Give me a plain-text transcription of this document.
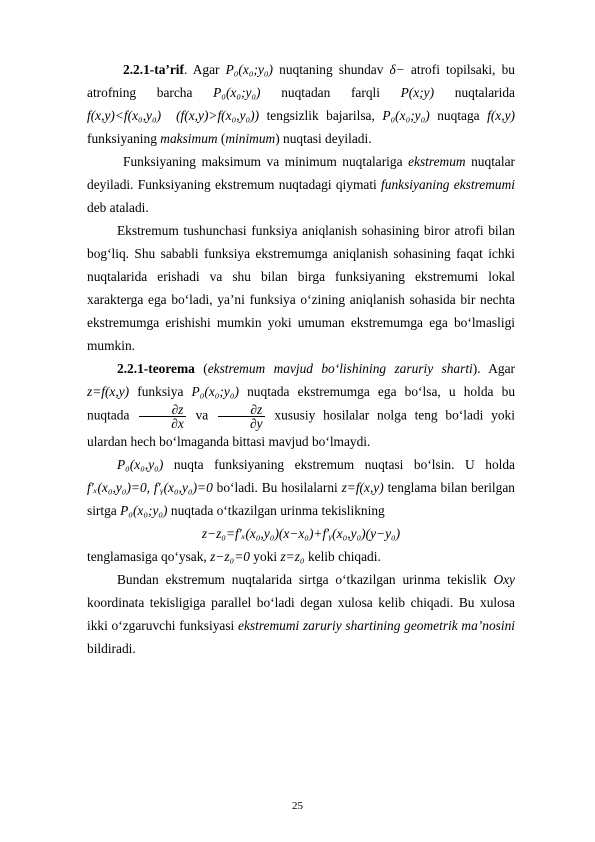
2.2.1-ta’rif. Agar P₀(x₀;y₀) nuqtaning shundav δ− atrofi topilsaki, bu atrofning barcha P₀(x₀;y₀) nuqtadan farqli P(x;y) nuqtalarida f(x,y)<f(x₀,y₀) (f(x,y)>f(x₀,y₀)) tengsizlik bajarilsa, P₀(x₀;y₀) nuqtaga f(x,y) funksiyaning maksimum (minimum) nuqtasi deyiladi.

Funksiyaning maksimum va minimum nuqtalariga ekstremum nuqtalar deyiladi. Funksiyaning ekstremum nuqtadagi qiymati funksiyaning ekstremumi deb ataladi.

Ekstremum tushunchasi funksiya aniqlanish sohasining biror atrofi bilan bog‘liq. Shu sababli funksiya ekstremumga aniqlanish sohasining faqat ichki nuqtalarida erishadi va shu bilan birga funksiyaning ekstremumi lokal xarakterga ega bo‘ladi, ya’ni funksiya o‘zining aniqlanish sohasida bir nechta ekstremumga erishishi mumkin yoki umuman ekstremumga ega bo‘lmasligi mumkin.

2.2.1-teorema (ekstremum mavjud bo‘lishining zaruriy sharti). Agar z=f(x,y) funksiya P₀(x₀;y₀) nuqtada ekstremumga ega bo‘lsa, u holda bu nuqtada $\frac{\partial z}{\partial x}$ va $\frac{\partial z}{\partial y}$ xususiy hosilalar nolga teng bo‘ladi yoki ulardan hech bo‘lmaganda bittasi mavjud bo‘lmaydi.

P₀(x₀,y₀) nuqta funksiyaning ekstremum nuqtasi bo‘lsin. U holda f′ₓ(x₀,y₀)=0, f′ᵧ(x₀,y₀)=0 bo‘ladi. Bu hosilalarni z=f(x,y) tenglama bilan berilgan sirtga P₀(x₀;y₀) nuqtada o‘tkazilgan urinma tekislikning

z−z₀=f′ₓ(x₀,y₀)(x−x₀)+f′ᵧ(x₀,y₀)(y−y₀)

tenglamasiga qo‘ysak, z−z₀=0 yoki z=z₀ kelib chiqadi.

Bundan ekstremum nuqtalarida sirtga o‘tkazilgan urinma tekislik Oxy koordinata tekisligiga parallel bo‘ladi degan xulosa kelib chiqadi. Bu xulosa ikki o‘zgaruvchi funksiyasi ekstremumi zaruriy shartining geometrik ma’nosini bildiradi.

25
